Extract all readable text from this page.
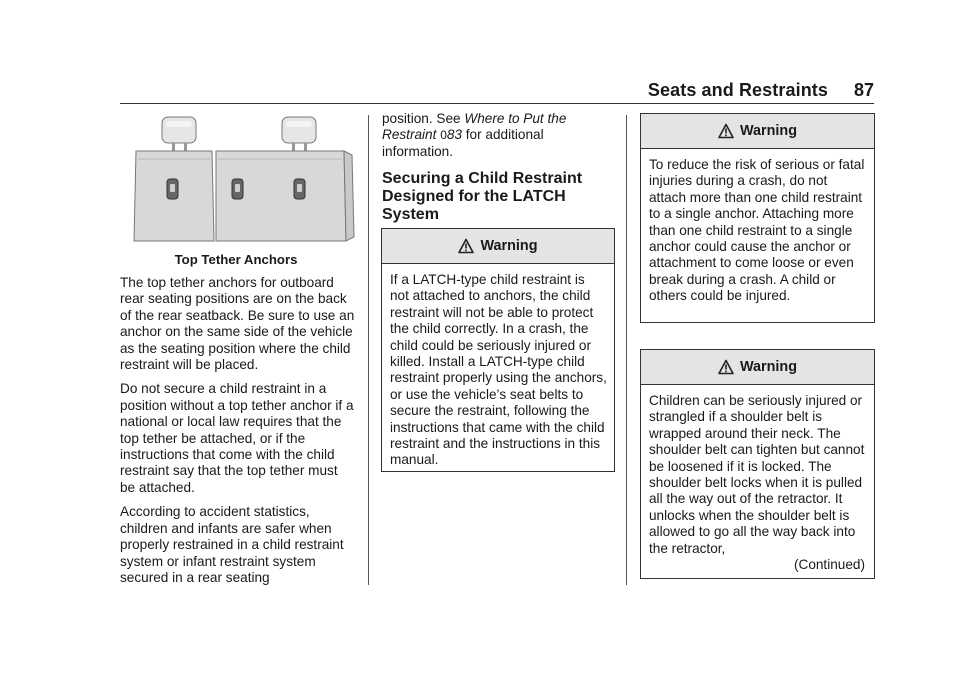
Seats and Restraints 87
Top Tether Anchors

The top tether anchors for outboard rear seating positions are on the back of the rear seatback. Be sure to use an anchor on the same side of the vehicle as the seating position where the child restraint will be placed.

Do not secure a child restraint in a position without a top tether anchor if a national or local law requires that the top tether be attached, or if the instructions that come with the child restraint say that the top tether must be attached.

According to accident statistics, children and infants are safer when properly restrained in a child restraint system or infant restraint system secured in a rear seating

position. See Where to Put the Restraint 083 for additional information.

Securing a Child Restraint Designed for the LATCH System
Warning
If a LATCH-type child restraint is not attached to anchors, the child restraint will not be able to protect the child correctly. In a crash, the child could be seriously injured or killed. Install a LATCH-type child restraint properly using the anchors, or use the vehicle’s seat belts to secure the restraint, following the instructions that came with the child restraint and the instructions in this manual.
Warning
To reduce the risk of serious or fatal injuries during a crash, do not attach more than one child restraint to a single anchor. Attaching more than one child restraint to a single anchor could cause the anchor or attachment to come loose or even break during a crash. A child or others could be injured.
Warning
Children can be seriously injured or strangled if a shoulder belt is wrapped around their neck. The shoulder belt can tighten but cannot be loosened if it is locked. The shoulder belt locks when it is pulled all the way out of the retractor. It unlocks when the shoulder belt is allowed to go all the way back into the retractor,
(Continued)
